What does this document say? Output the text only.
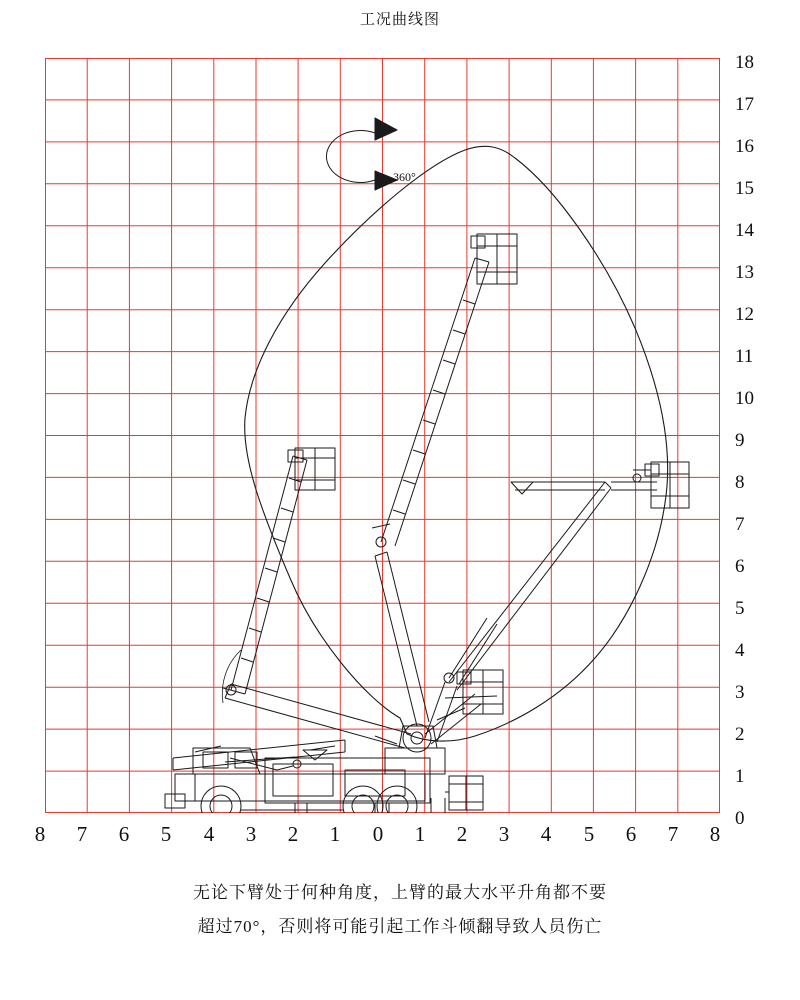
工况曲线图
360°
18
17
16
15
14
13
12
11
10
9
8
7
6
5
4
3
2
1
0
8	7	6	5	4	3	2	1	0	1	2	3	4	5	6	7	8
无论下臂处于何种角度，上臂的最大水平升角都不要
超过70°，否则将可能引起工作斗倾翻导致人员伤亡
